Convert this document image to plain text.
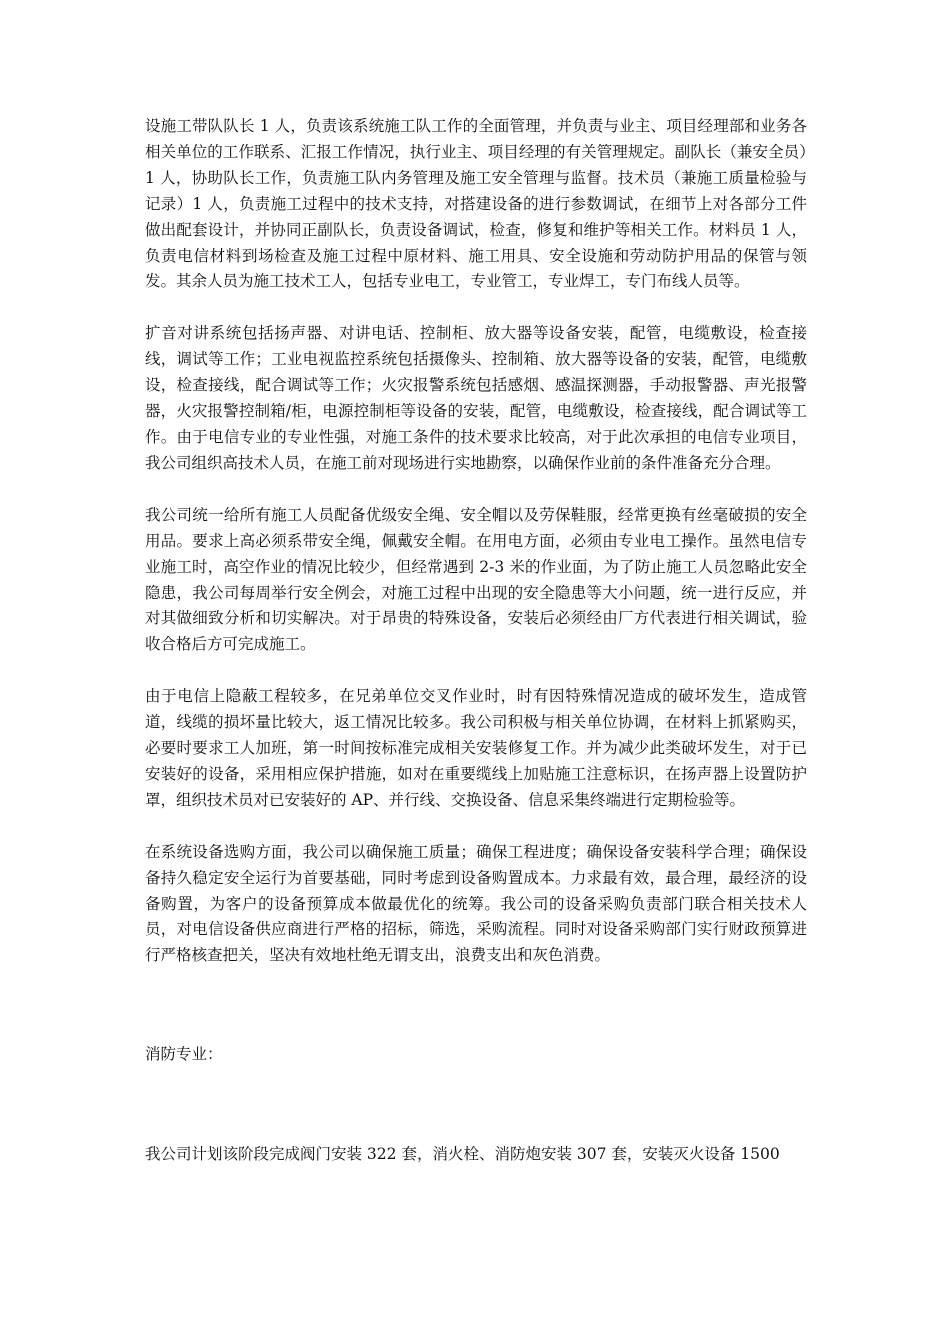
设施工带队队长 1 人，负责该系统施工队工作的全面管理，并负责与业主、项目经理部和业务各相关单位的工作联系、汇报工作情况，执行业主、项目经理的有关管理规定。副队长（兼安全员）1 人，协助队长工作，负责施工队内务管理及施工安全管理与监督。技术员（兼施工质量检验与记录）1 人，负责施工过程中的技术支持，对搭建设备的进行参数调试，在细节上对各部分工件做出配套设计，并协同正副队长，负责设备调试，检查，修复和维护等相关工作。材料员 1 人，负责电信材料到场检查及施工过程中原材料、施工用具、安全设施和劳动防护用品的保管与领发。其余人员为施工技术工人，包括专业电工，专业管工，专业焊工，专门布线人员等。

扩音对讲系统包括扬声器、对讲电话、控制柜、放大器等设备安装，配管，电缆敷设，检查接线，调试等工作；工业电视监控系统包括摄像头、控制箱、放大器等设备的安装，配管，电缆敷设，检查接线，配合调试等工作；火灾报警系统包括感烟、感温探测器，手动报警器、声光报警器，火灾报警控制箱/柜，电源控制柜等设备的安装，配管，电缆敷设，检查接线，配合调试等工作。由于电信专业的专业性强，对施工条件的技术要求比较高，对于此次承担的电信专业项目，我公司组织高技术人员，在施工前对现场进行实地勘察，以确保作业前的条件准备充分合理。

我公司统一给所有施工人员配备优级安全绳、安全帽以及劳保鞋服，经常更换有丝毫破损的安全用品。要求上高必须系带安全绳，佩戴安全帽。在用电方面，必须由专业电工操作。虽然电信专业施工时，高空作业的情况比较少，但经常遇到 2-3 米的作业面，为了防止施工人员忽略此安全隐患，我公司每周举行安全例会，对施工过程中出现的安全隐患等大小问题，统一进行反应，并对其做细致分析和切实解决。对于昂贵的特殊设备，安装后必须经由厂方代表进行相关调试，验收合格后方可完成施工。

由于电信上隐蔽工程较多，在兄弟单位交叉作业时，时有因特殊情况造成的破坏发生，造成管道，线缆的损坏量比较大，返工情况比较多。我公司积极与相关单位协调，在材料上抓紧购买，必要时要求工人加班，第一时间按标准完成相关安装修复工作。并为减少此类破坏发生，对于已安装好的设备，采用相应保护措施，如对在重要缆线上加贴施工注意标识，在扬声器上设置防护罩，组织技术员对已安装好的 AP、并行线、交换设备、信息采集终端进行定期检验等。

在系统设备选购方面，我公司以确保施工质量；确保工程进度；确保设备安装科学合理；确保设备持久稳定安全运行为首要基础，同时考虑到设备购置成本。力求最有效，最合理，最经济的设备购置，为客户的设备预算成本做最优化的统筹。我公司的设备采购负责部门联合相关技术人员，对电信设备供应商进行严格的招标，筛选，采购流程。同时对设备采购部门实行财政预算进行严格核查把关，坚决有效地杜绝无谓支出，浪费支出和灰色消费。

消防专业：

我公司计划该阶段完成阀门安装 322 套，消火栓、消防炮安装 307 套，安装灭火设备 1500
